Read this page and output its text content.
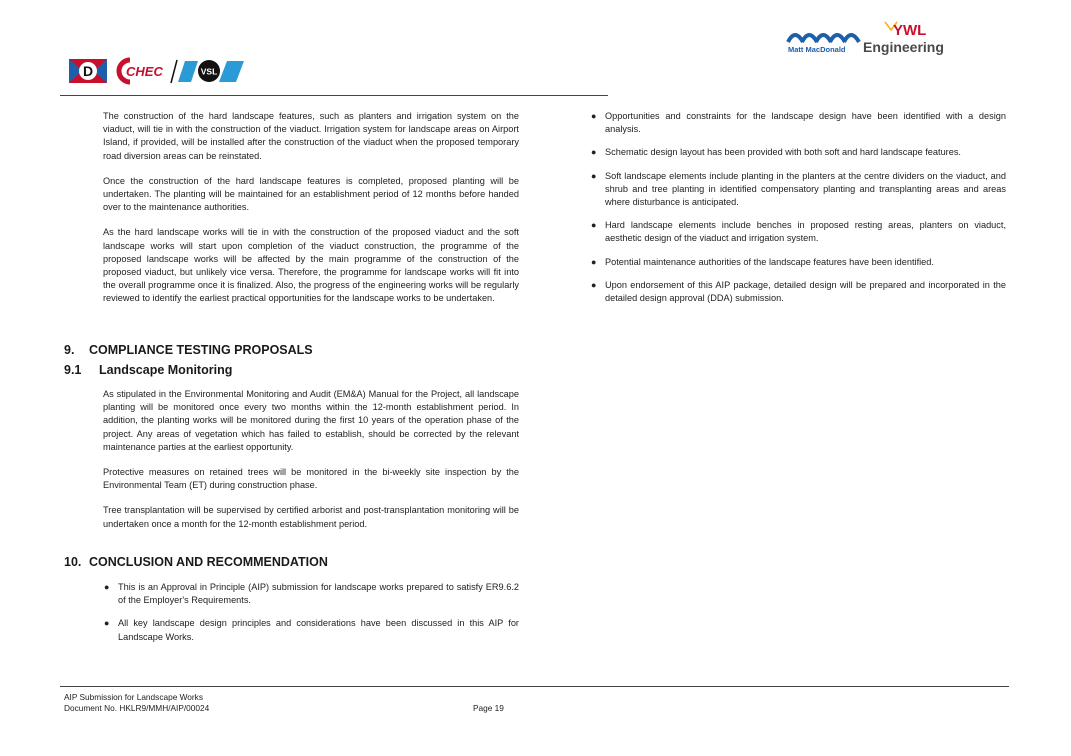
D	CHEC	VSL
Matt MacDonald
YWL
Engineering

The construction of the hard landscape features, such as planters and irrigation system on the viaduct, will tie in with the construction of the viaduct. Irrigation system for landscape areas on Airport Island, if provided, will be installed after the construction of the viaduct when the proposed temporary road diversion areas can be reinstated.

Once the construction of the hard landscape features is completed, proposed planting will be undertaken. The planting will be maintained for an establishment period of 12 months before handed over to the maintenance authorities.

As the hard landscape works will tie in with the construction of the proposed viaduct and the soft landscape works will start upon completion of the viaduct construction, the programme of the proposed landscape works will be affected by the main programme of the construction of the proposed viaduct, but unlikely vice versa. Therefore, the programme for landscape works will fit into the overall programme once it is finalized. Also, the progress of the engineering works will be regularly reviewed to identify the earliest practical opportunities for the landscape works to be undertaken.

9. COMPLIANCE TESTING PROPOSALS
9.1 Landscape Monitoring

As stipulated in the Environmental Monitoring and Audit (EM&A) Manual for the Project, all landscape planting will be monitored once every two months within the 12-month establishment period. In addition, the planting works will be monitored during the first 10 years of the operation phase of the project. Any areas of vegetation which has failed to establish, should be corrected by the relevant maintenance parties at the earliest opportunity.

Protective measures on retained trees will be monitored in the bi-weekly site inspection by the Environmental Team (ET) during construction phase.

Tree transplantation will be supervised by certified arborist and post-transplantation monitoring will be undertaken once a month for the 12-month establishment period.

10. CONCLUSION AND RECOMMENDATION
● This is an Approval in Principle (AIP) submission for landscape works prepared to satisfy ER9.6.2 of the Employer's Requirements.
● All key landscape design principles and considerations have been discussed in this AIP for Landscape Works.
● Opportunities and constraints for the landscape design have been identified with a design analysis.
● Schematic design layout has been provided with both soft and hard landscape features.
● Soft landscape elements include planting in the planters at the centre dividers on the viaduct, and shrub and tree planting in identified compensatory planting and transplanting areas and areas where disturbance is anticipated.
● Hard landscape elements include benches in proposed resting areas, planters on viaduct, aesthetic design of the viaduct and irrigation system.
● Potential maintenance authorities of the landscape features have been identified.
● Upon endorsement of this AIP package, detailed design will be prepared and incorporated in the detailed design approval (DDA) submission.
AIP Submission for Landscape Works
Document No. HKLR9/MMH/AIP/00024	Page 19
